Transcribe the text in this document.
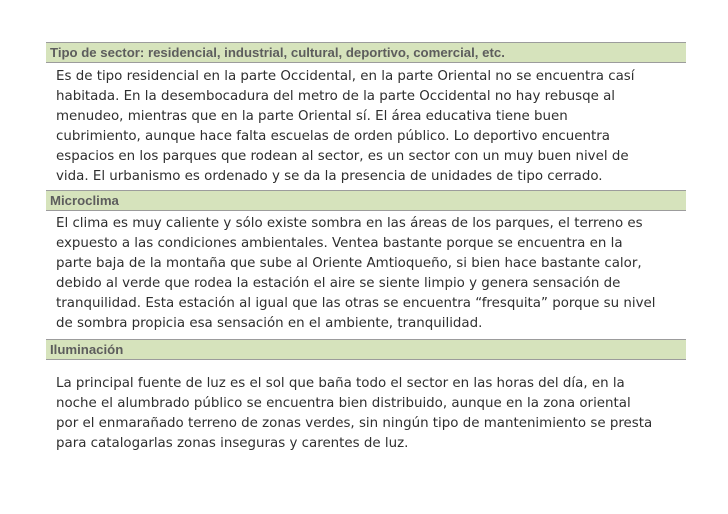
Tipo de sector: residencial, industrial, cultural, deportivo, comercial, etc.
Es de tipo residencial en la parte Occidental, en la parte Oriental no se encuentra casí
habitada. En la desembocadura del metro de la parte Occidental no hay rebusqe al
menudeo, mientras que en la parte Oriental sí. El área educativa tiene buen
cubrimiento, aunque hace falta escuelas de orden público. Lo deportivo encuentra
espacios en los parques que rodean al sector, es un sector con un muy buen nivel de
vida. El urbanismo es ordenado y se da la presencia de unidades de tipo cerrado.
Microclima
El clima es muy caliente y sólo existe sombra en las áreas de los parques, el terreno es
expuesto a las condiciones ambientales. Ventea bastante porque se encuentra en la
parte baja de la montaña que sube al Oriente Amtioqueño, si bien hace bastante calor,
debido al verde que rodea la estación el aire se siente limpio y genera sensación de
tranquilidad. Esta estación al igual que las otras se encuentra “fresquita” porque su nivel
de sombra propicia esa sensación en el ambiente, tranquilidad.
Iluminación
La principal fuente de luz es el sol que baña todo el sector en las horas del día, en la
noche el alumbrado público se encuentra bien distribuido, aunque en la zona oriental
por el enmarañado terreno de zonas verdes, sin ningún tipo de mantenimiento se presta
para catalogarlas zonas inseguras y carentes de luz.
